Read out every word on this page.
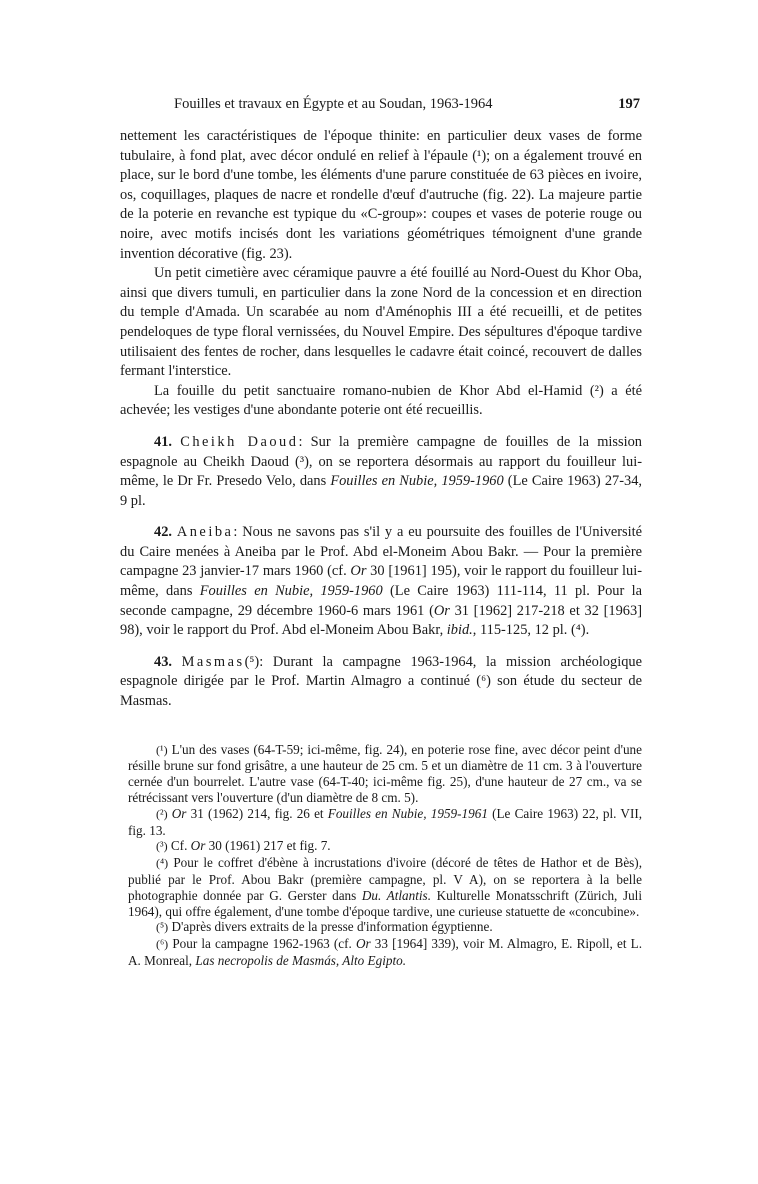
Fouilles et travaux en Égypte et au Soudan, 1963-1964	197

nettement les caractéristiques de l'époque thinite: en particulier deux vases de forme tubulaire, à fond plat, avec décor ondulé en relief à l'épaule (¹); on a également trouvé en place, sur le bord d'une tombe, les éléments d'une parure constituée de 63 pièces en ivoire, os, coquillages, plaques de nacre et rondelle d'œuf d'autruche (fig. 22). La majeure partie de la poterie en revanche est typique du «C-group»: coupes et vases de poterie rouge ou noire, avec motifs incisés dont les variations géométriques témoignent d'une grande invention décorative (fig. 23).

Un petit cimetière avec céramique pauvre a été fouillé au Nord-Ouest du Khor Oba, ainsi que divers tumuli, en particulier dans la zone Nord de la concession et en direction du temple d'Amada. Un scarabée au nom d'Aménophis III a été recueilli, et de petites pendeloques de type floral vernissées, du Nouvel Empire. Des sépultures d'époque tardive utilisaient des fentes de rocher, dans lesquelles le cadavre était coincé, recouvert de dalles fermant l'interstice.

La fouille du petit sanctuaire romano-nubien de Khor Abd el-Hamid (²) a été achevée; les vestiges d'une abondante poterie ont été recueillis.

41. Cheikh Daoud: Sur la première campagne de fouilles de la mission espagnole au Cheikh Daoud (³), on se reportera désormais au rapport du fouilleur lui-même, le Dr Fr. Presedo Velo, dans Fouilles en Nubie, 1959-1960 (Le Caire 1963) 27-34, 9 pl.

42. Aneiba: Nous ne savons pas s'il y a eu poursuite des fouilles de l'Université du Caire menées à Aneiba par le Prof. Abd el-Moneim Abou Bakr. — Pour la première campagne 23 janvier-17 mars 1960 (cf. Or 30 [1961] 195), voir le rapport du fouilleur lui-même, dans Fouilles en Nubie, 1959-1960 (Le Caire 1963) 111-114, 11 pl. Pour la seconde campagne, 29 décembre 1960-6 mars 1961 (Or 31 [1962] 217-218 et 32 [1963] 98), voir le rapport du Prof. Abd el-Moneim Abou Bakr, ibid., 115-125, 12 pl. (⁴).

43. Masmas(⁵): Durant la campagne 1963-1964, la mission archéologique espagnole dirigée par le Prof. Martin Almagro a continué (⁶) son étude du secteur de Masmas.

(¹) L'un des vases (64-T-59; ici-même, fig. 24), en poterie rose fine, avec décor peint d'une résille brune sur fond grisâtre, a une hauteur de 25 cm. 5 et un diamètre de 11 cm. 3 à l'ouverture cernée d'un bourrelet. L'autre vase (64-T-40; ici-même fig. 25), d'une hauteur de 27 cm., va se rétrécissant vers l'ouverture (d'un diamètre de 8 cm. 5).

(²) Or 31 (1962) 214, fig. 26 et Fouilles en Nubie, 1959-1961 (Le Caire 1963) 22, pl. VII, fig. 13.

(³) Cf. Or 30 (1961) 217 et fig. 7.

(⁴) Pour le coffret d'ébène à incrustations d'ivoire (décoré de têtes de Hathor et de Bès), publié par le Prof. Abou Bakr (première campagne, pl. V A), on se reportera à la belle photographie donnée par G. Gerster dans Du. Atlantis. Kulturelle Monatsschrift (Zürich, Juli 1964), qui offre également, d'une tombe d'époque tardive, une curieuse statuette de «concubine».

(⁵) D'après divers extraits de la presse d'information égyptienne.

(⁶) Pour la campagne 1962-1963 (cf. Or 33 [1964] 339), voir M. Almagro, E. Ripoll, et L. A. Monreal, Las necropolis de Masmás, Alto Egipto.
